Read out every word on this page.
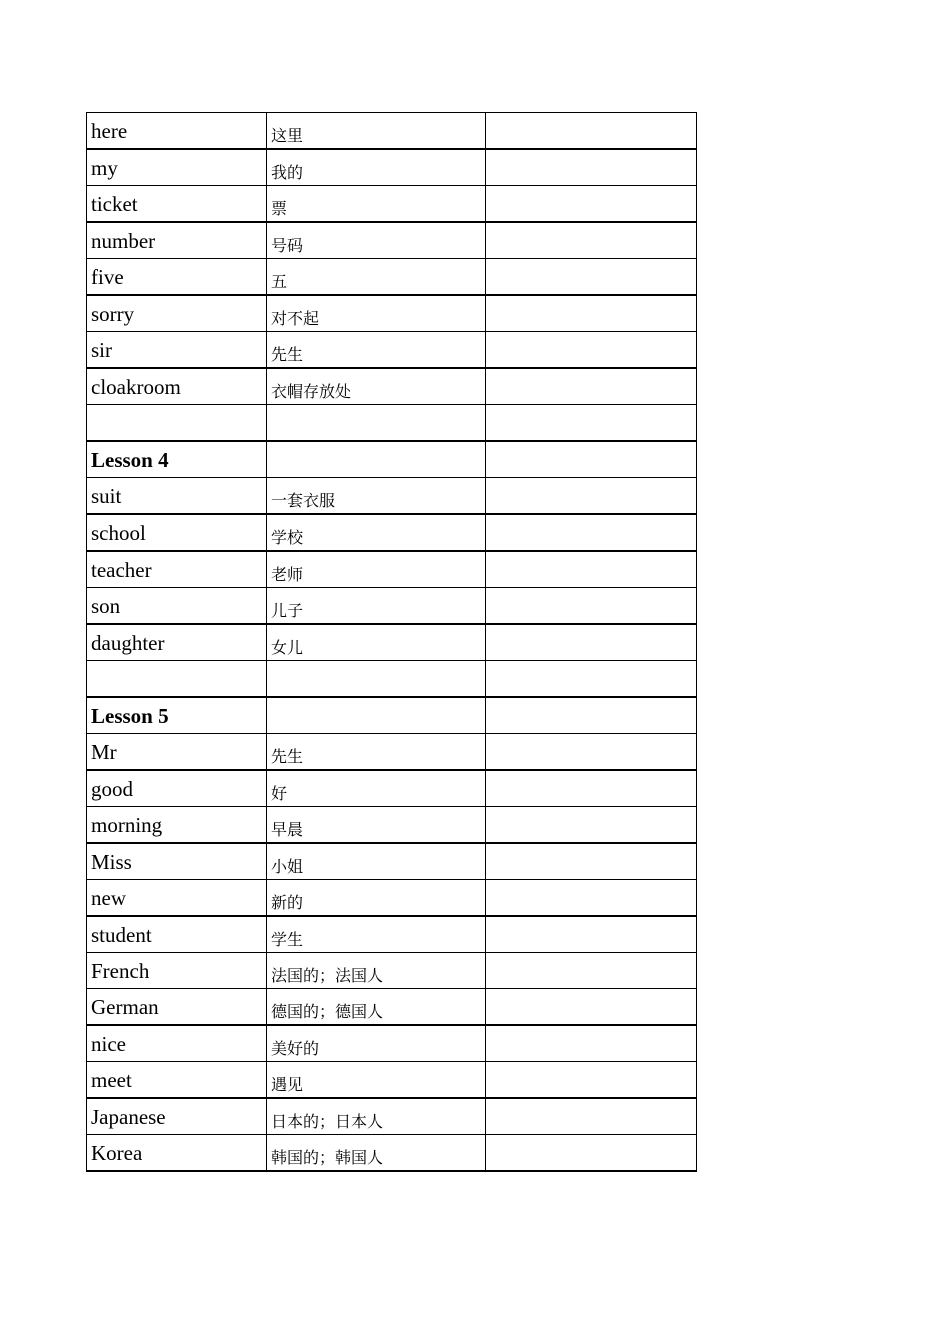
here	这里	
my	我的	
ticket	票	
number	号码	
five	五	
sorry	对不起	
sir	先生	
cloakroom	衣帽存放处	

Lesson 4		
suit	一套衣服	
school	学校	
teacher	老师	
son	儿子	
daughter	女儿	

Lesson 5		
Mr	先生	
good	好	
morning	早晨	
Miss	小姐	
new	新的	
student	学生	
French	法国的；法国人	
German	德国的；德国人	
nice	美好的	
meet	遇见	
Japanese	日本的；日本人	
Korea	韩国的；韩国人	
